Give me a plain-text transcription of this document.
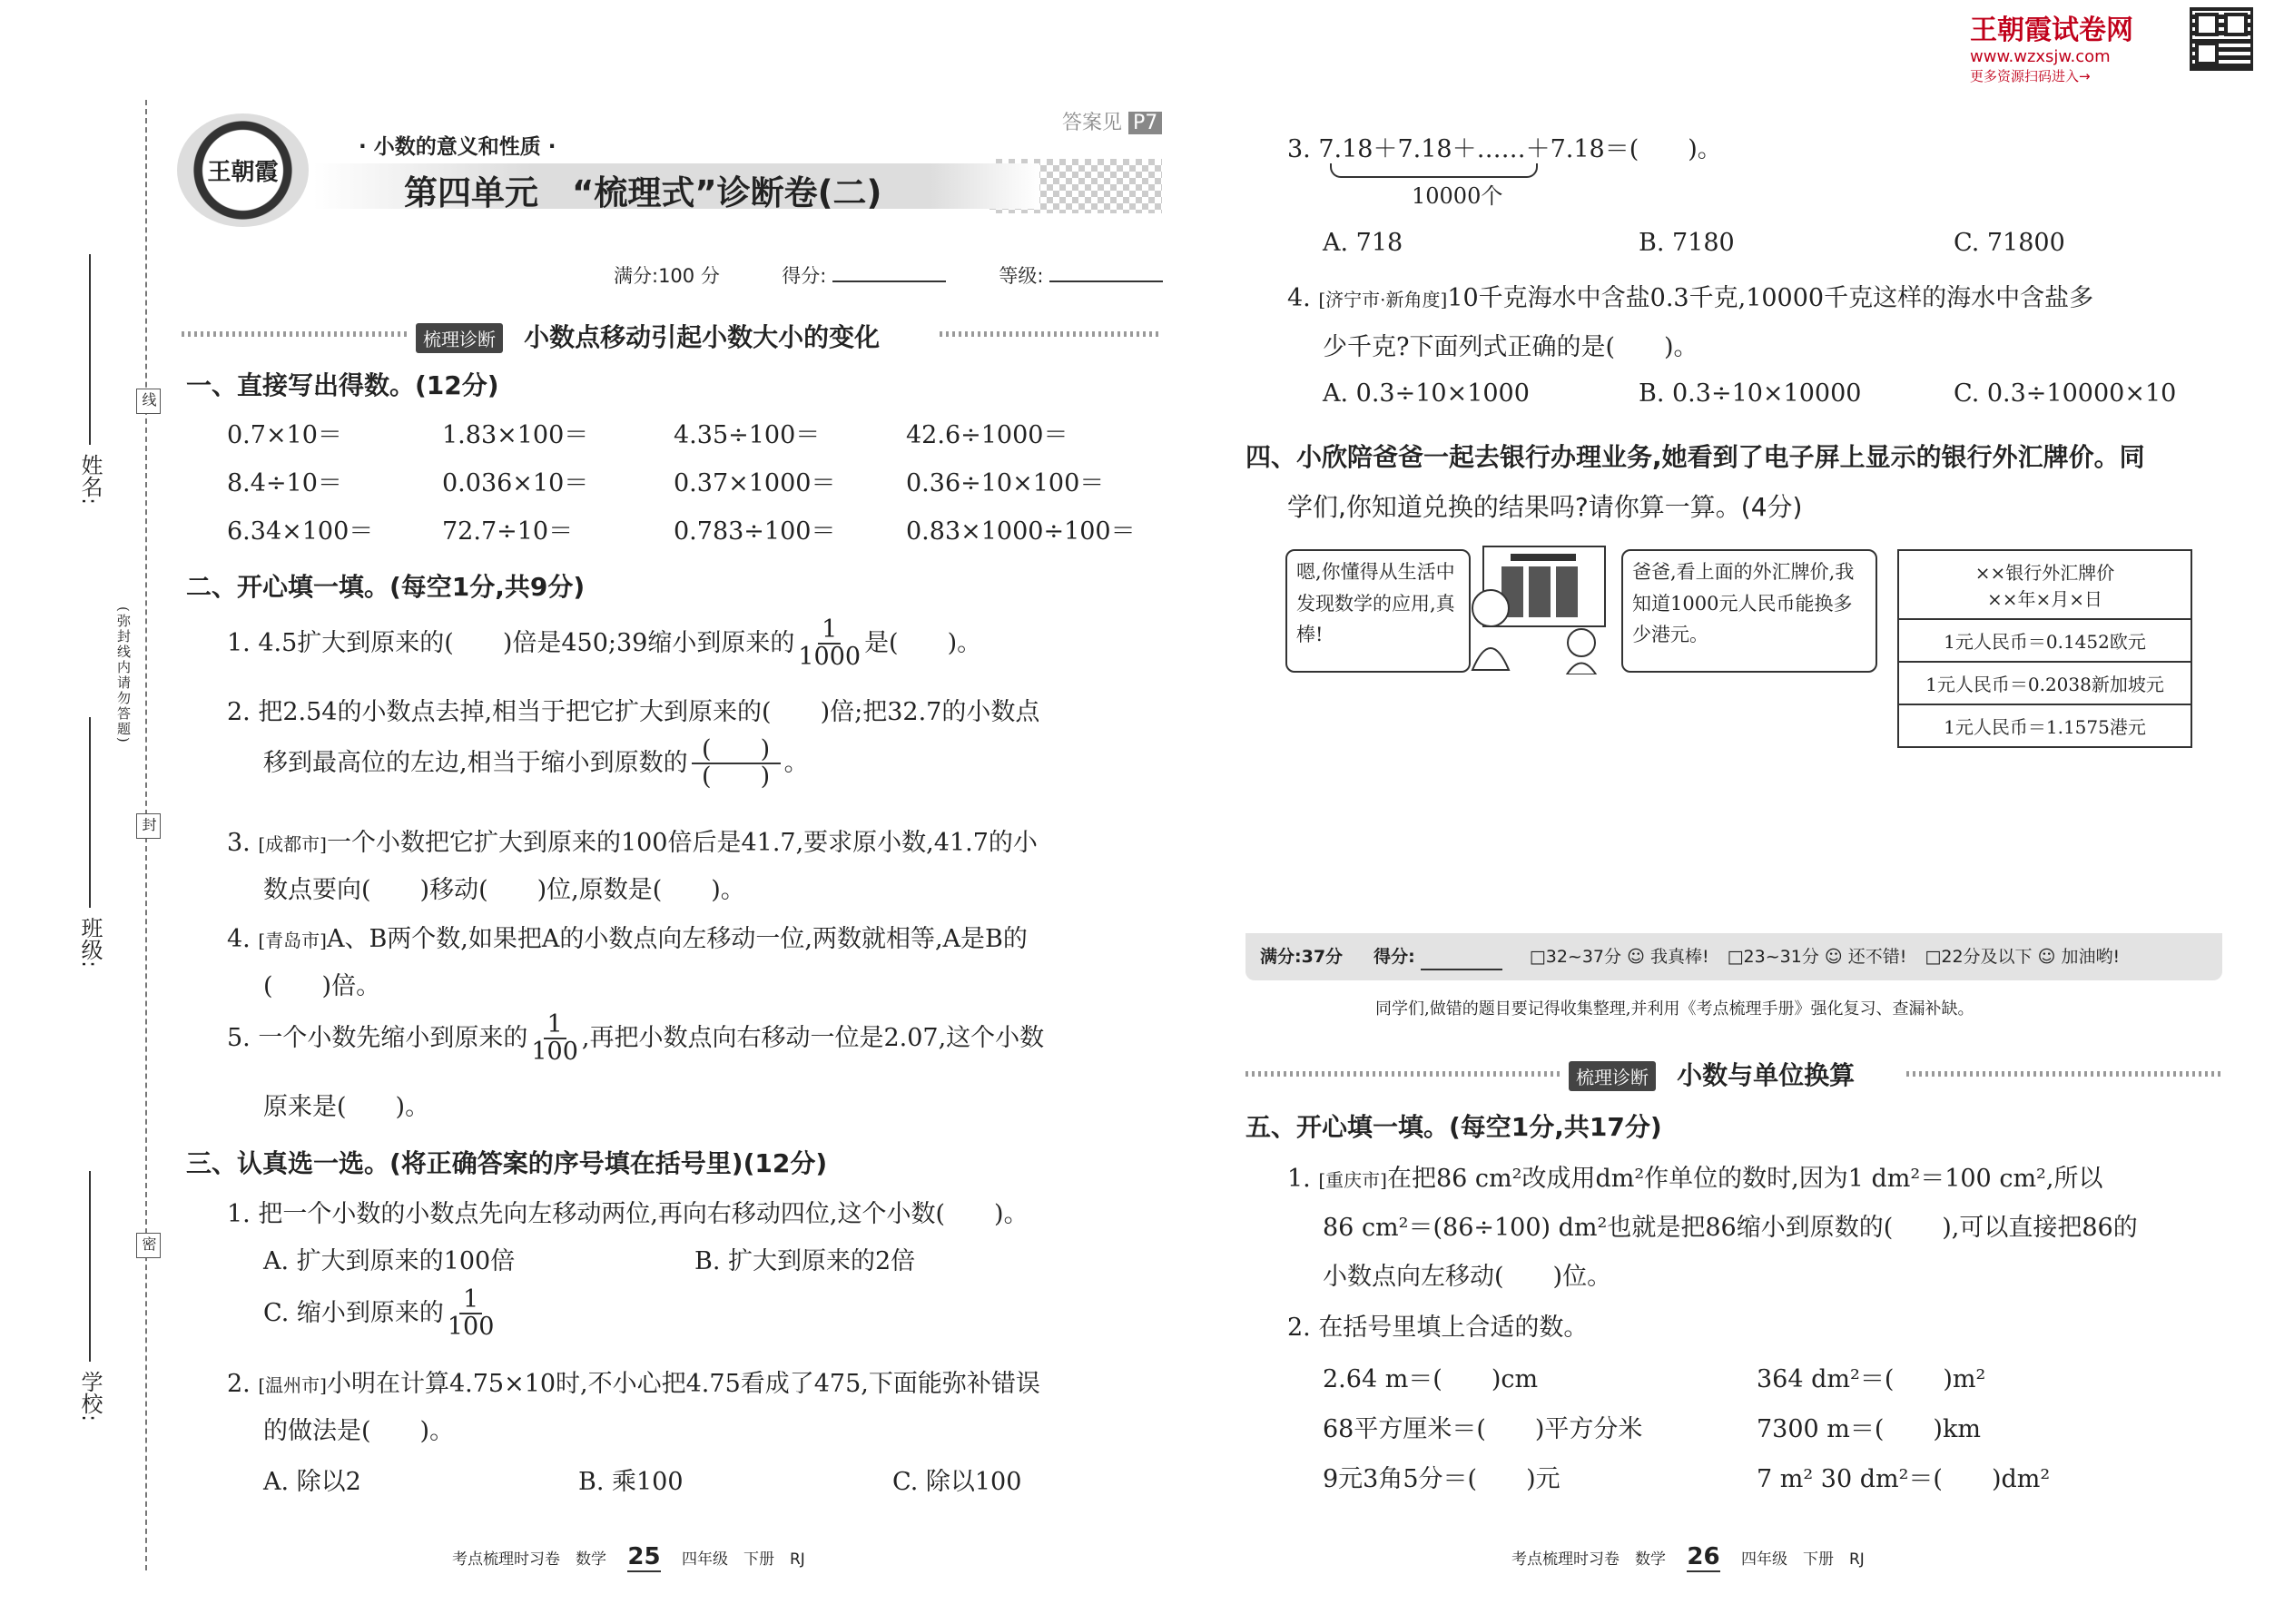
王朝霞试卷网
www.wzxsjw.com
更多资源扫码进入→
姓名:
班级:
学校:
线
封
密
(弥封线内请勿答题)
王朝霞
答案见 P7
· 小数的意义和性质 ·
第四单元　“梳理式”诊断卷(二)
满分:100 分	得分:	等级:
梳理诊断 小数点移动引起小数大小的变化
一、直接写出得数。(12分)
0.7×10＝	1.83×100＝	4.35÷100＝	42.6÷1000＝
8.4÷10＝	0.036×10＝	0.37×1000＝	0.36÷10×100＝
6.34×100＝	72.7÷10＝	0.783÷100＝	0.83×1000÷100＝
二、开心填一填。(每空1分,共9分)
1. 4.5扩大到原来的(　　)倍是450;39缩小到原来的 $\frac{1}{1000}$ 是(　　)。
2. 把2.54的小数点去掉,相当于把它扩大到原来的(　　)倍;把32.7的小数点
移到最高位的左边,相当于缩小到原数的 $\frac{( )}{( )}$ 。
3. [成都市]一个小数把它扩大到原来的100倍后是41.7,要求原小数,41.7的小
数点要向(　　)移动(　　)位,原数是(　　)。
4. [青岛市]A、B两个数,如果把A的小数点向左移动一位,两数就相等,A是B的
(　　)倍。
5. 一个小数先缩小到原来的 $\frac{1}{100}$ ,再把小数点向右移动一位是2.07,这个小数
原来是(　　)。
三、认真选一选。(将正确答案的序号填在括号里)(12分)
1. 把一个小数的小数点先向左移动两位,再向右移动四位,这个小数(　　)。
A. 扩大到原来的100倍	B. 扩大到原来的2倍
C. 缩小到原来的 $\frac{1}{100}$
2. [温州市]小明在计算4.75×10时,不小心把4.75看成了475,下面能弥补错误
的做法是(　　)。
A. 除以2	B. 乘100	C. 除以100
考点梳理时习卷　数学 25 四年级　下册　RJ
3. 7.18＋7.18＋……＋7.18＝(　　)。
10000个
A. 718	B. 7180	C. 71800
4. [济宁市·新角度]10千克海水中含盐0.3千克,10000千克这样的海水中含盐多
少千克?下面列式正确的是(　　)。
A. 0.3÷10×1000	B. 0.3÷10×10000	C. 0.3÷10000×10
四、小欣陪爸爸一起去银行办理业务,她看到了电子屏上显示的银行外汇牌价。同
学们,你知道兑换的结果吗?请你算一算。(4分)
嗯,你懂得从生活中发现数学的应用,真棒!
爸爸,看上面的外汇牌价,我知道1000元人民币能换多少港元。
××银行外汇牌价
××年×月×日

1元人民币＝0.1452欧元
1元人民币＝0.2038新加坡元
1元人民币＝1.1575港元
满分:37分 得分:	□32~37分 ☺ 我真棒! □23~31分 ☺ 还不错! □22分及以下 ☺ 加油哟!
同学们,做错的题目要记得收集整理,并利用《考点梳理手册》强化复习、查漏补缺。
梳理诊断 小数与单位换算
五、开心填一填。(每空1分,共17分)
1. [重庆市]在把86 cm²改成用dm²作单位的数时,因为1 dm²＝100 cm²,所以
86 cm²＝(86÷100) dm²也就是把86缩小到原数的(　　),可以直接把86的
小数点向左移动(　　)位。
2. 在括号里填上合适的数。
2.64 m＝(　　)cm	364 dm²＝(　　)m²
68平方厘米＝(　　)平方分米	7300 m＝(　　)km
9元3角5分＝(　　)元	7 m² 30 dm²＝(　　)dm²
考点梳理时习卷　数学 26 四年级　下册　RJ
